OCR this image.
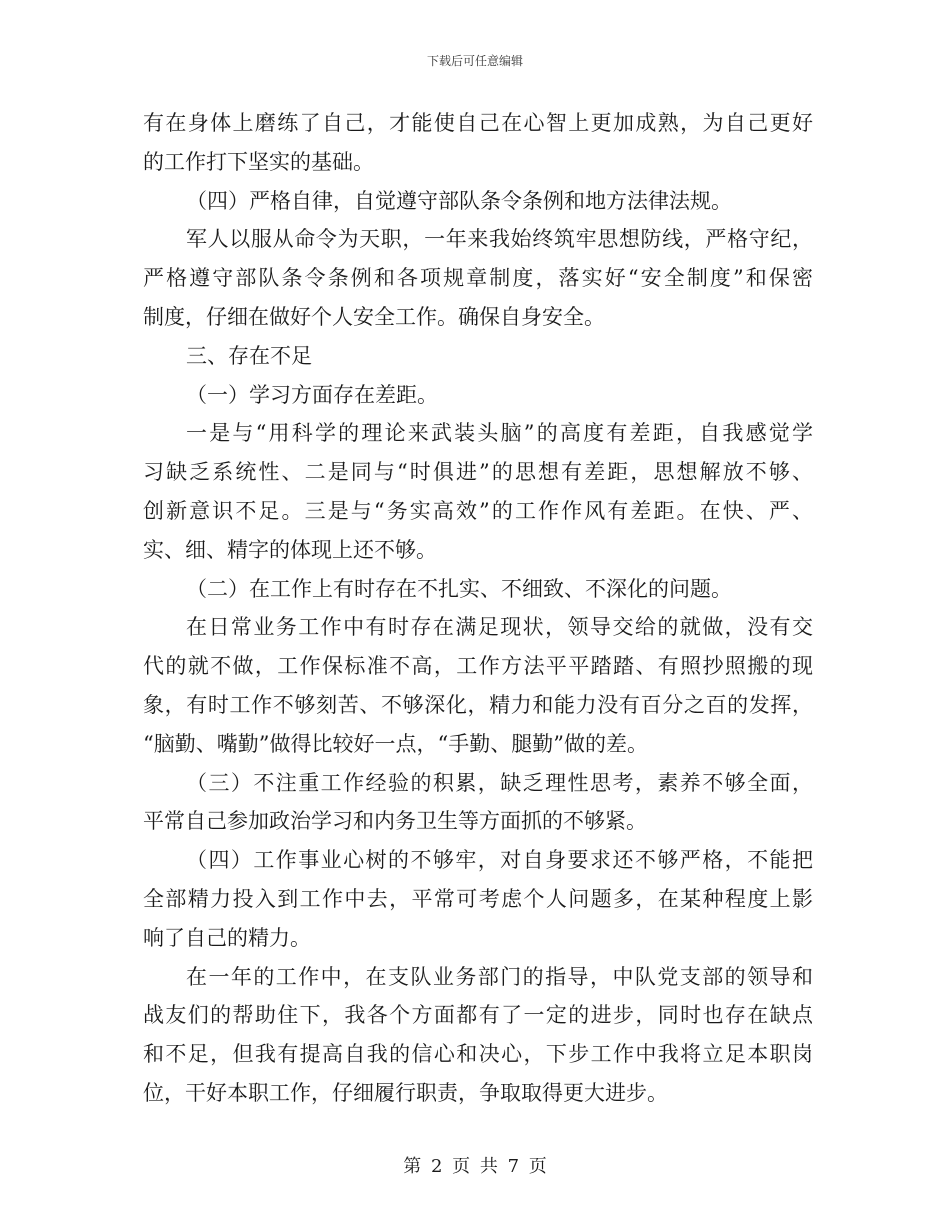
下载后可任意编辑
有在身体上磨练了自己，才能使自己在心智上更加成熟，为自己更好
的工作打下坚实的基础。
（四）严格自律，自觉遵守部队条令条例和地方法律法规。
军人以服从命令为天职，一年来我始终筑牢思想防线，严格守纪，
严格遵守部队条令条例和各项规章制度，落实好“安全制度”和保密
制度，仔细在做好个人安全工作。确保自身安全。
三、存在不足
（一）学习方面存在差距。
一是与“用科学的理论来武装头脑”的高度有差距，自我感觉学
习缺乏系统性、二是同与“时俱进”的思想有差距，思想解放不够、
创新意识不足。三是与“务实高效”的工作作风有差距。在快、严、
实、细、精字的体现上还不够。
（二）在工作上有时存在不扎实、不细致、不深化的问题。
在日常业务工作中有时存在满足现状，领导交给的就做，没有交
代的就不做，工作保标准不高，工作方法平平踏踏、有照抄照搬的现
象，有时工作不够刻苦、不够深化，精力和能力没有百分之百的发挥，
“脑勤、嘴勤”做得比较好一点，“手勤、腿勤”做的差。
（三）不注重工作经验的积累，缺乏理性思考，素养不够全面，
平常自己参加政治学习和内务卫生等方面抓的不够紧。
（四）工作事业心树的不够牢，对自身要求还不够严格，不能把
全部精力投入到工作中去，平常可考虑个人问题多，在某种程度上影
响了自己的精力。
在一年的工作中，在支队业务部门的指导，中队党支部的领导和
战友们的帮助住下，我各个方面都有了一定的进步，同时也存在缺点
和不足，但我有提高自我的信心和决心，下步工作中我将立足本职岗
位，干好本职工作，仔细履行职责，争取取得更大进步。
第 2 页 共 7 页
